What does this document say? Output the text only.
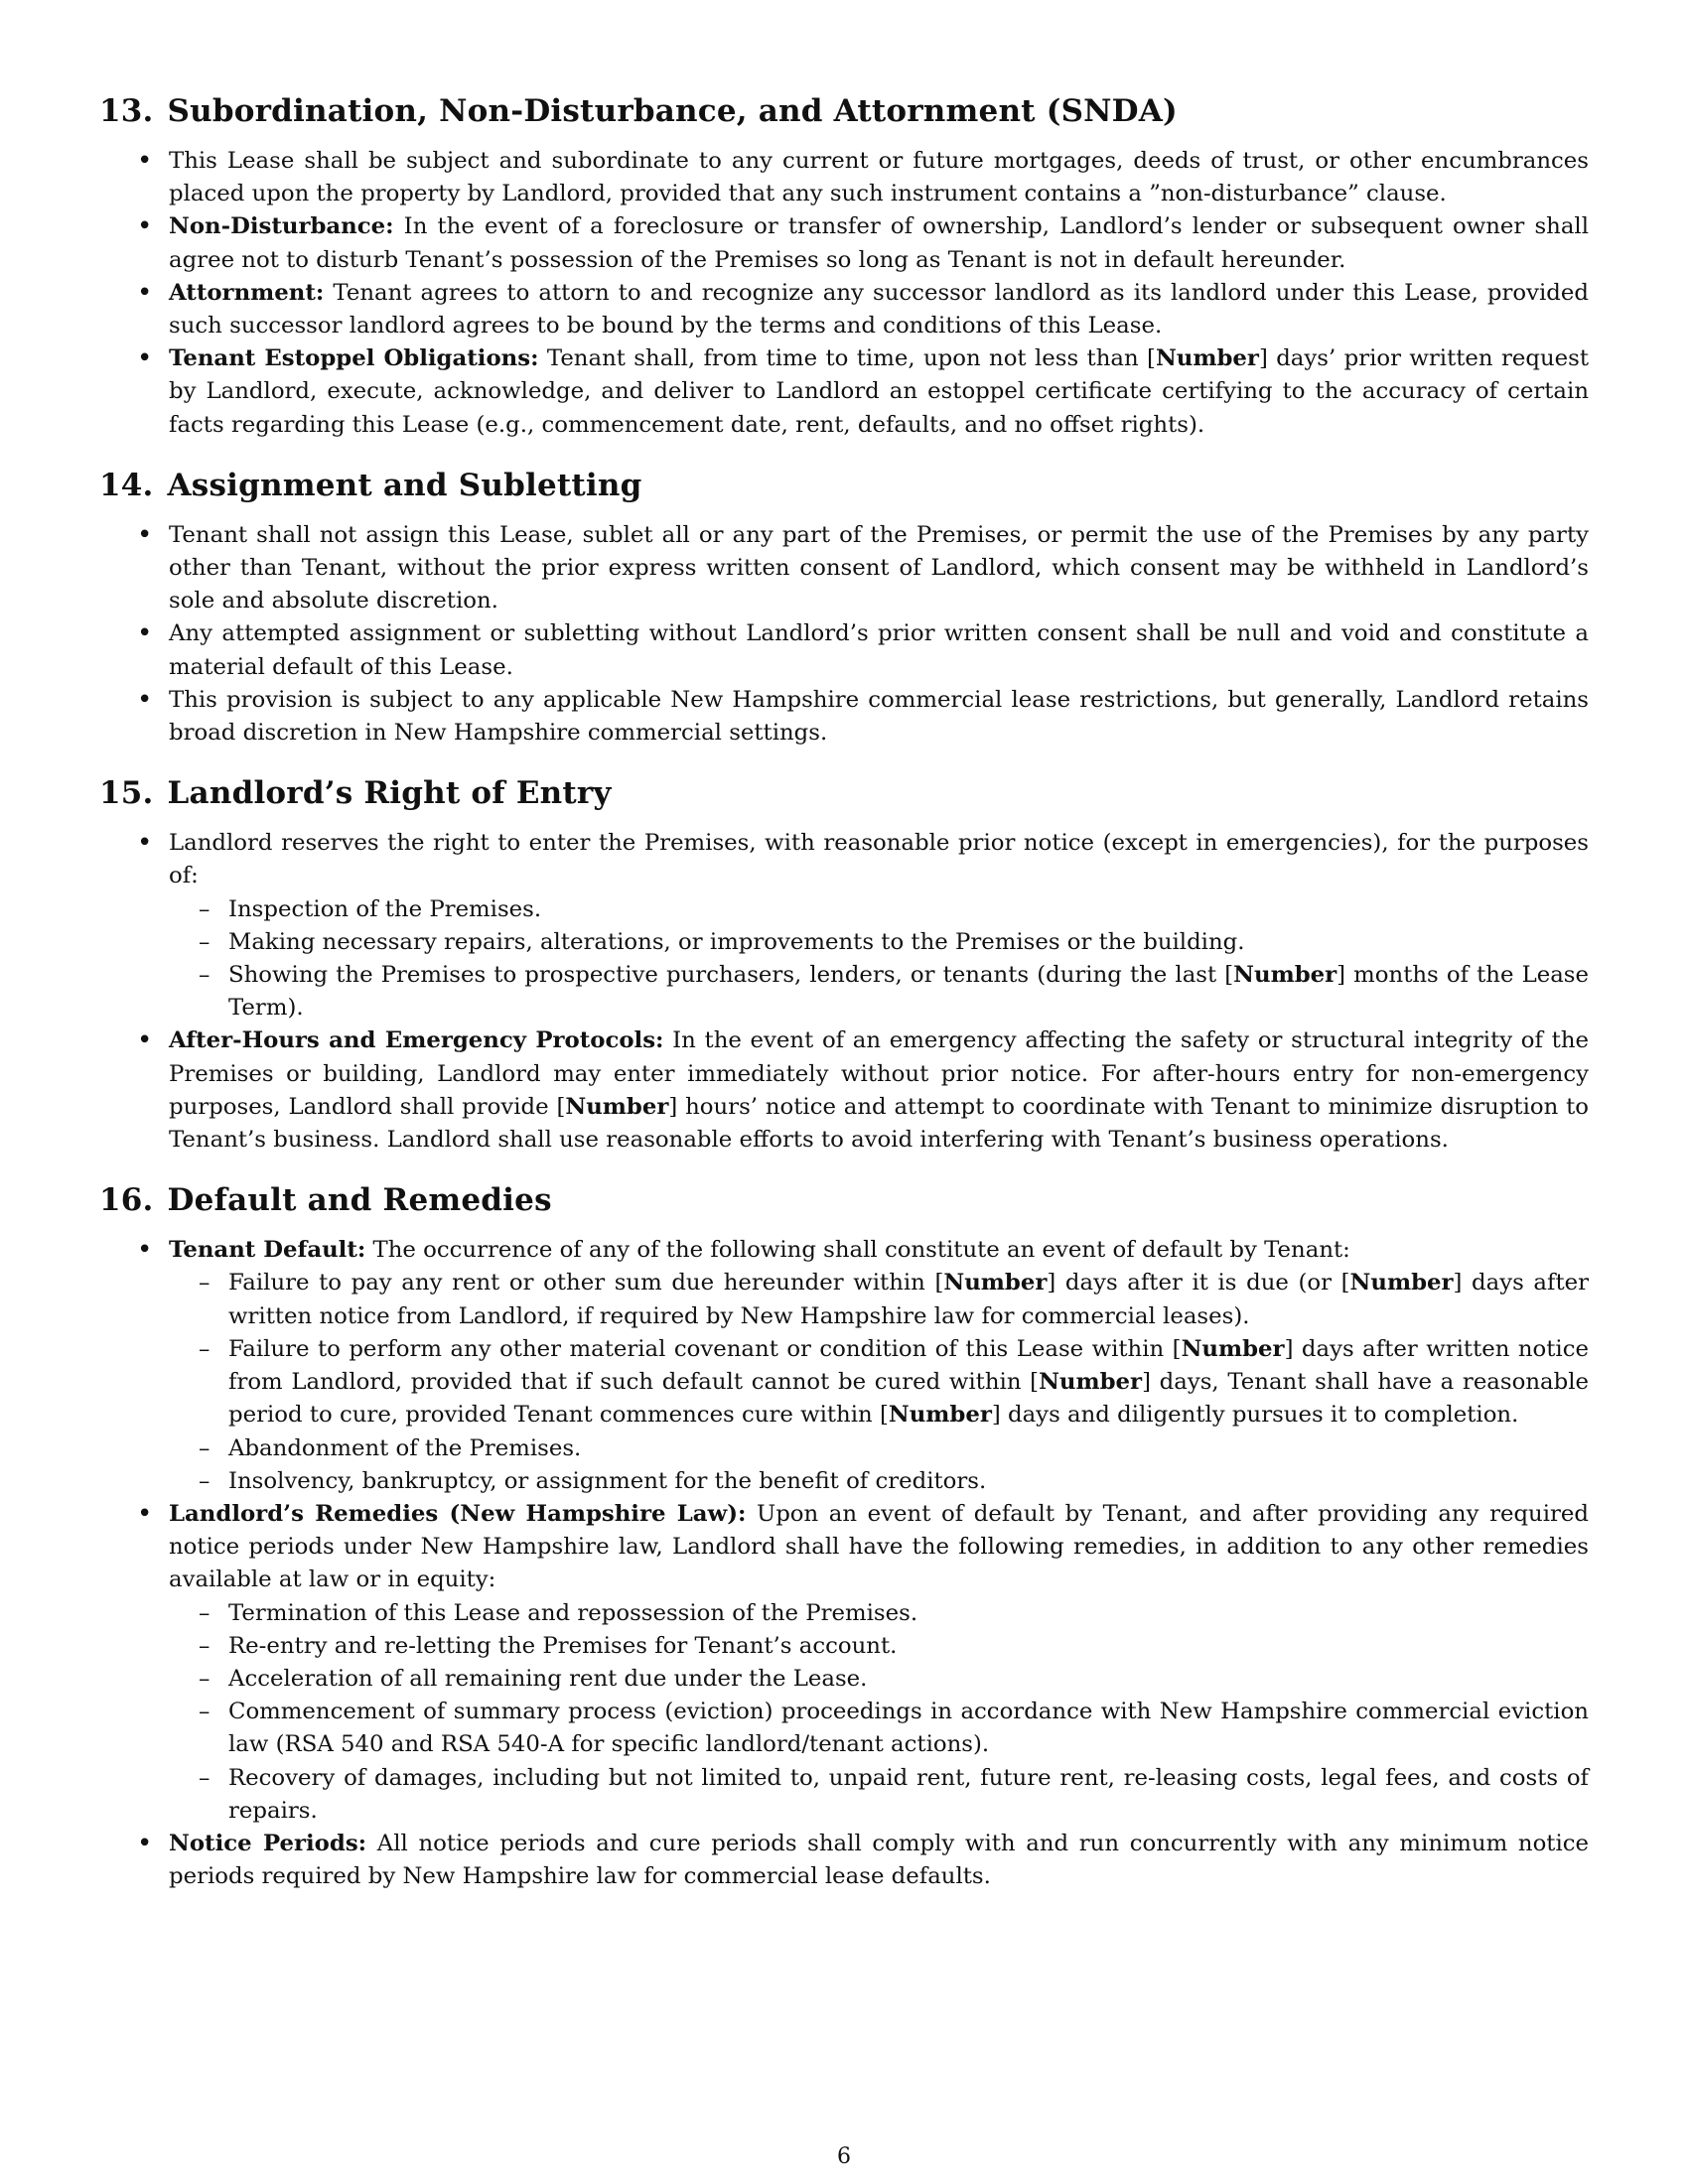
13. Subordination, Non-Disturbance, and Attornment (SNDA)
• This Lease shall be subject and subordinate to any current or future mortgages, deeds of trust, or other encumbrances placed upon the property by Landlord, provided that any such instrument contains a ”non-disturbance” clause.
• Non-Disturbance: In the event of a foreclosure or transfer of ownership, Landlord’s lender or subsequent owner shall agree not to disturb Tenant’s possession of the Premises so long as Tenant is not in default hereunder.
• Attornment: Tenant agrees to attorn to and recognize any successor landlord as its landlord under this Lease, provided such successor landlord agrees to be bound by the terms and conditions of this Lease.
• Tenant Estoppel Obligations: Tenant shall, from time to time, upon not less than [Number] days’ prior written request by Landlord, execute, acknowledge, and deliver to Landlord an estoppel certificate certifying to the accuracy of certain facts regarding this Lease (e.g., commencement date, rent, defaults, and no offset rights).
14. Assignment and Subletting
• Tenant shall not assign this Lease, sublet all or any part of the Premises, or permit the use of the Premises by any party other than Tenant, without the prior express written consent of Landlord, which consent may be withheld in Landlord’s sole and absolute discretion.
• Any attempted assignment or subletting without Landlord’s prior written consent shall be null and void and constitute a material default of this Lease.
• This provision is subject to any applicable New Hampshire commercial lease restrictions, but generally, Landlord retains broad discretion in New Hampshire commercial settings.
15. Landlord’s Right of Entry
• Landlord reserves the right to enter the Premises, with reasonable prior notice (except in emergencies), for the purposes of:
– Inspection of the Premises.
– Making necessary repairs, alterations, or improvements to the Premises or the building.
– Showing the Premises to prospective purchasers, lenders, or tenants (during the last [Number] months of the Lease Term).
• After-Hours and Emergency Protocols: In the event of an emergency affecting the safety or structural integrity of the Premises or building, Landlord may enter immediately without prior notice. For after-hours entry for non-emergency purposes, Landlord shall provide [Number] hours’ notice and attempt to coordinate with Tenant to minimize disruption to Tenant’s business. Landlord shall use reasonable efforts to avoid interfering with Tenant’s business operations.
16. Default and Remedies
• Tenant Default: The occurrence of any of the following shall constitute an event of default by Tenant:
– Failure to pay any rent or other sum due hereunder within [Number] days after it is due (or [Number] days after written notice from Landlord, if required by New Hampshire law for commercial leases).
– Failure to perform any other material covenant or condition of this Lease within [Number] days after written notice from Landlord, provided that if such default cannot be cured within [Number] days, Tenant shall have a reasonable period to cure, provided Tenant commences cure within [Number] days and diligently pursues it to completion.
– Abandonment of the Premises.
– Insolvency, bankruptcy, or assignment for the benefit of creditors.
• Landlord’s Remedies (New Hampshire Law): Upon an event of default by Tenant, and after providing any required notice periods under New Hampshire law, Landlord shall have the following remedies, in addition to any other remedies available at law or in equity:
– Termination of this Lease and repossession of the Premises.
– Re-entry and re-letting the Premises for Tenant’s account.
– Acceleration of all remaining rent due under the Lease.
– Commencement of summary process (eviction) proceedings in accordance with New Hampshire commercial eviction law (RSA 540 and RSA 540-A for specific landlord/tenant actions).
– Recovery of damages, including but not limited to, unpaid rent, future rent, re-leasing costs, legal fees, and costs of repairs.
• Notice Periods: All notice periods and cure periods shall comply with and run concurrently with any minimum notice periods required by New Hampshire law for commercial lease defaults.
6
